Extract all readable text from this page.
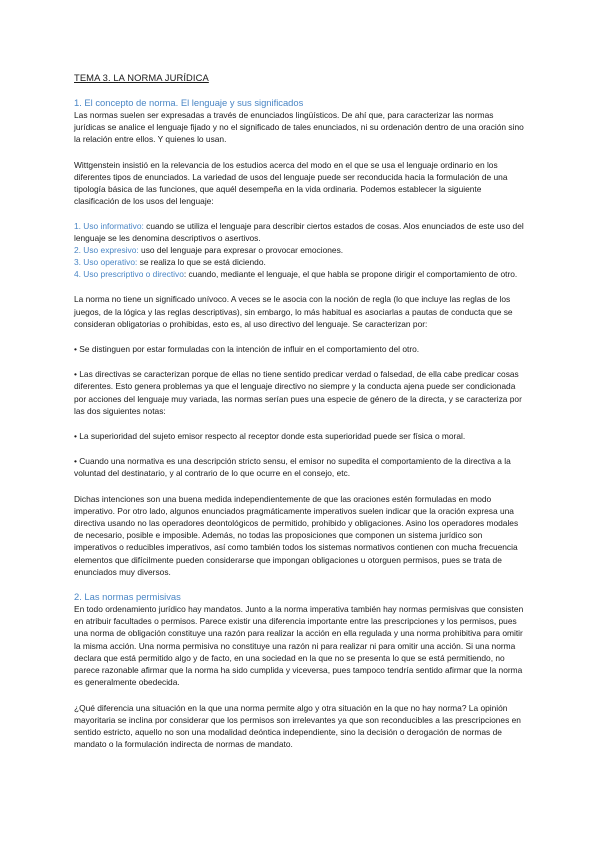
TEMA 3. LA NORMA JURÍDICA
1. El concepto de norma. El lenguaje y sus significados

Las normas suelen ser expresadas a través de enunciados lingüísticos. De ahí que, para caracterizar las normas jurídicas se analice el lenguaje fijado y no el significado de tales enunciados, ni su ordenación dentro de una oración sino la relación entre ellos. Y quienes lo usan.

Wittgenstein insistió en la relevancia de los estudios acerca del modo en el que se usa el lenguaje ordinario en los diferentes tipos de enunciados. La variedad de usos del lenguaje puede ser reconducida hacia la formulación de una tipología básica de las funciones, que aquél desempeña en la vida ordinaria. Podemos establecer la siguiente clasificación de los usos del lenguaje:

1. Uso informativo: cuando se utiliza el lenguaje para describir ciertos estados de cosas. Alos enunciados de este uso del lenguaje se les denomina descriptivos o asertivos.

2. Uso expresivo: uso del lenguaje para expresar o provocar emociones.

3. Uso operativo: se realiza lo que se está diciendo.

4. Uso prescriptivo o directivo: cuando, mediante el lenguaje, el que habla se propone dirigir el comportamiento de otro.

La norma no tiene un significado unívoco. A veces se le asocia con la noción de regla (lo que incluye las reglas de los juegos, de la lógica y las reglas descriptivas), sin embargo, lo más habitual es asociarlas a pautas de conducta que se consideran obligatorias o prohibidas, esto es, al uso directivo del lenguaje. Se caracterizan por:

• Se distinguen por estar formuladas con la intención de influir en el comportamiento del otro.

• Las directivas se caracterizan porque de ellas no tiene sentido predicar verdad o falsedad, de ella cabe predicar cosas diferentes. Esto genera problemas ya que el lenguaje directivo no siempre y la conducta ajena puede ser condicionada por acciones del lenguaje muy variada, las normas serían pues una especie de género de la directa, y se caracteriza por las dos siguientes notas:

• La superioridad del sujeto emisor respecto al receptor donde esta superioridad puede ser física o moral.

• Cuando una normativa es una descripción stricto sensu, el emisor no supedita el comportamiento de la directiva a la voluntad del destinatario, y al contrario de lo que ocurre en el consejo, etc.

Dichas intenciones son una buena medida independientemente de que las oraciones estén formuladas en modo imperativo. Por otro lado, algunos enunciados pragmáticamente imperativos suelen indicar que la oración expresa una directiva usando no las operadores deontológicos de permitido, prohibido y obligaciones. Asino los operadores modales de necesario, posible e imposible. Además, no todas las proposiciones que componen un sistema jurídico son imperativos o reducibles imperativos, así como también todos los sistemas normativos contienen con mucha frecuencia elementos que difícilmente pueden considerarse que impongan obligaciones u otorguen permisos, pues se trata de enunciados muy diversos.

2. Las normas permisivas

En todo ordenamiento jurídico hay mandatos. Junto a la norma imperativa también hay normas permisivas que consisten en atribuir facultades o permisos. Parece existir una diferencia importante entre las prescripciones y los permisos, pues una norma de obligación constituye una razón para realizar la acción en ella regulada y una norma prohibitiva para omitir la misma acción. Una norma permisiva no constituye una razón ni para realizar ni para omitir una acción. Si una norma declara que está permitido algo y de facto, en una sociedad en la que no se presenta lo que se está permitiendo, no parece razonable afirmar que la norma ha sido cumplida y viceversa, pues tampoco tendría sentido afirmar que la norma es generalmente obedecida.

¿Qué diferencia una situación en la que una norma permite algo y otra situación en la que no hay norma? La opinión mayoritaria se inclina por considerar que los permisos son irrelevantes ya que son reconducibles a las prescripciones en sentido estricto, aquello no son una modalidad deóntica independiente, sino la decisión o derogación de normas de mandato o la formulación indirecta de normas de mandato.
